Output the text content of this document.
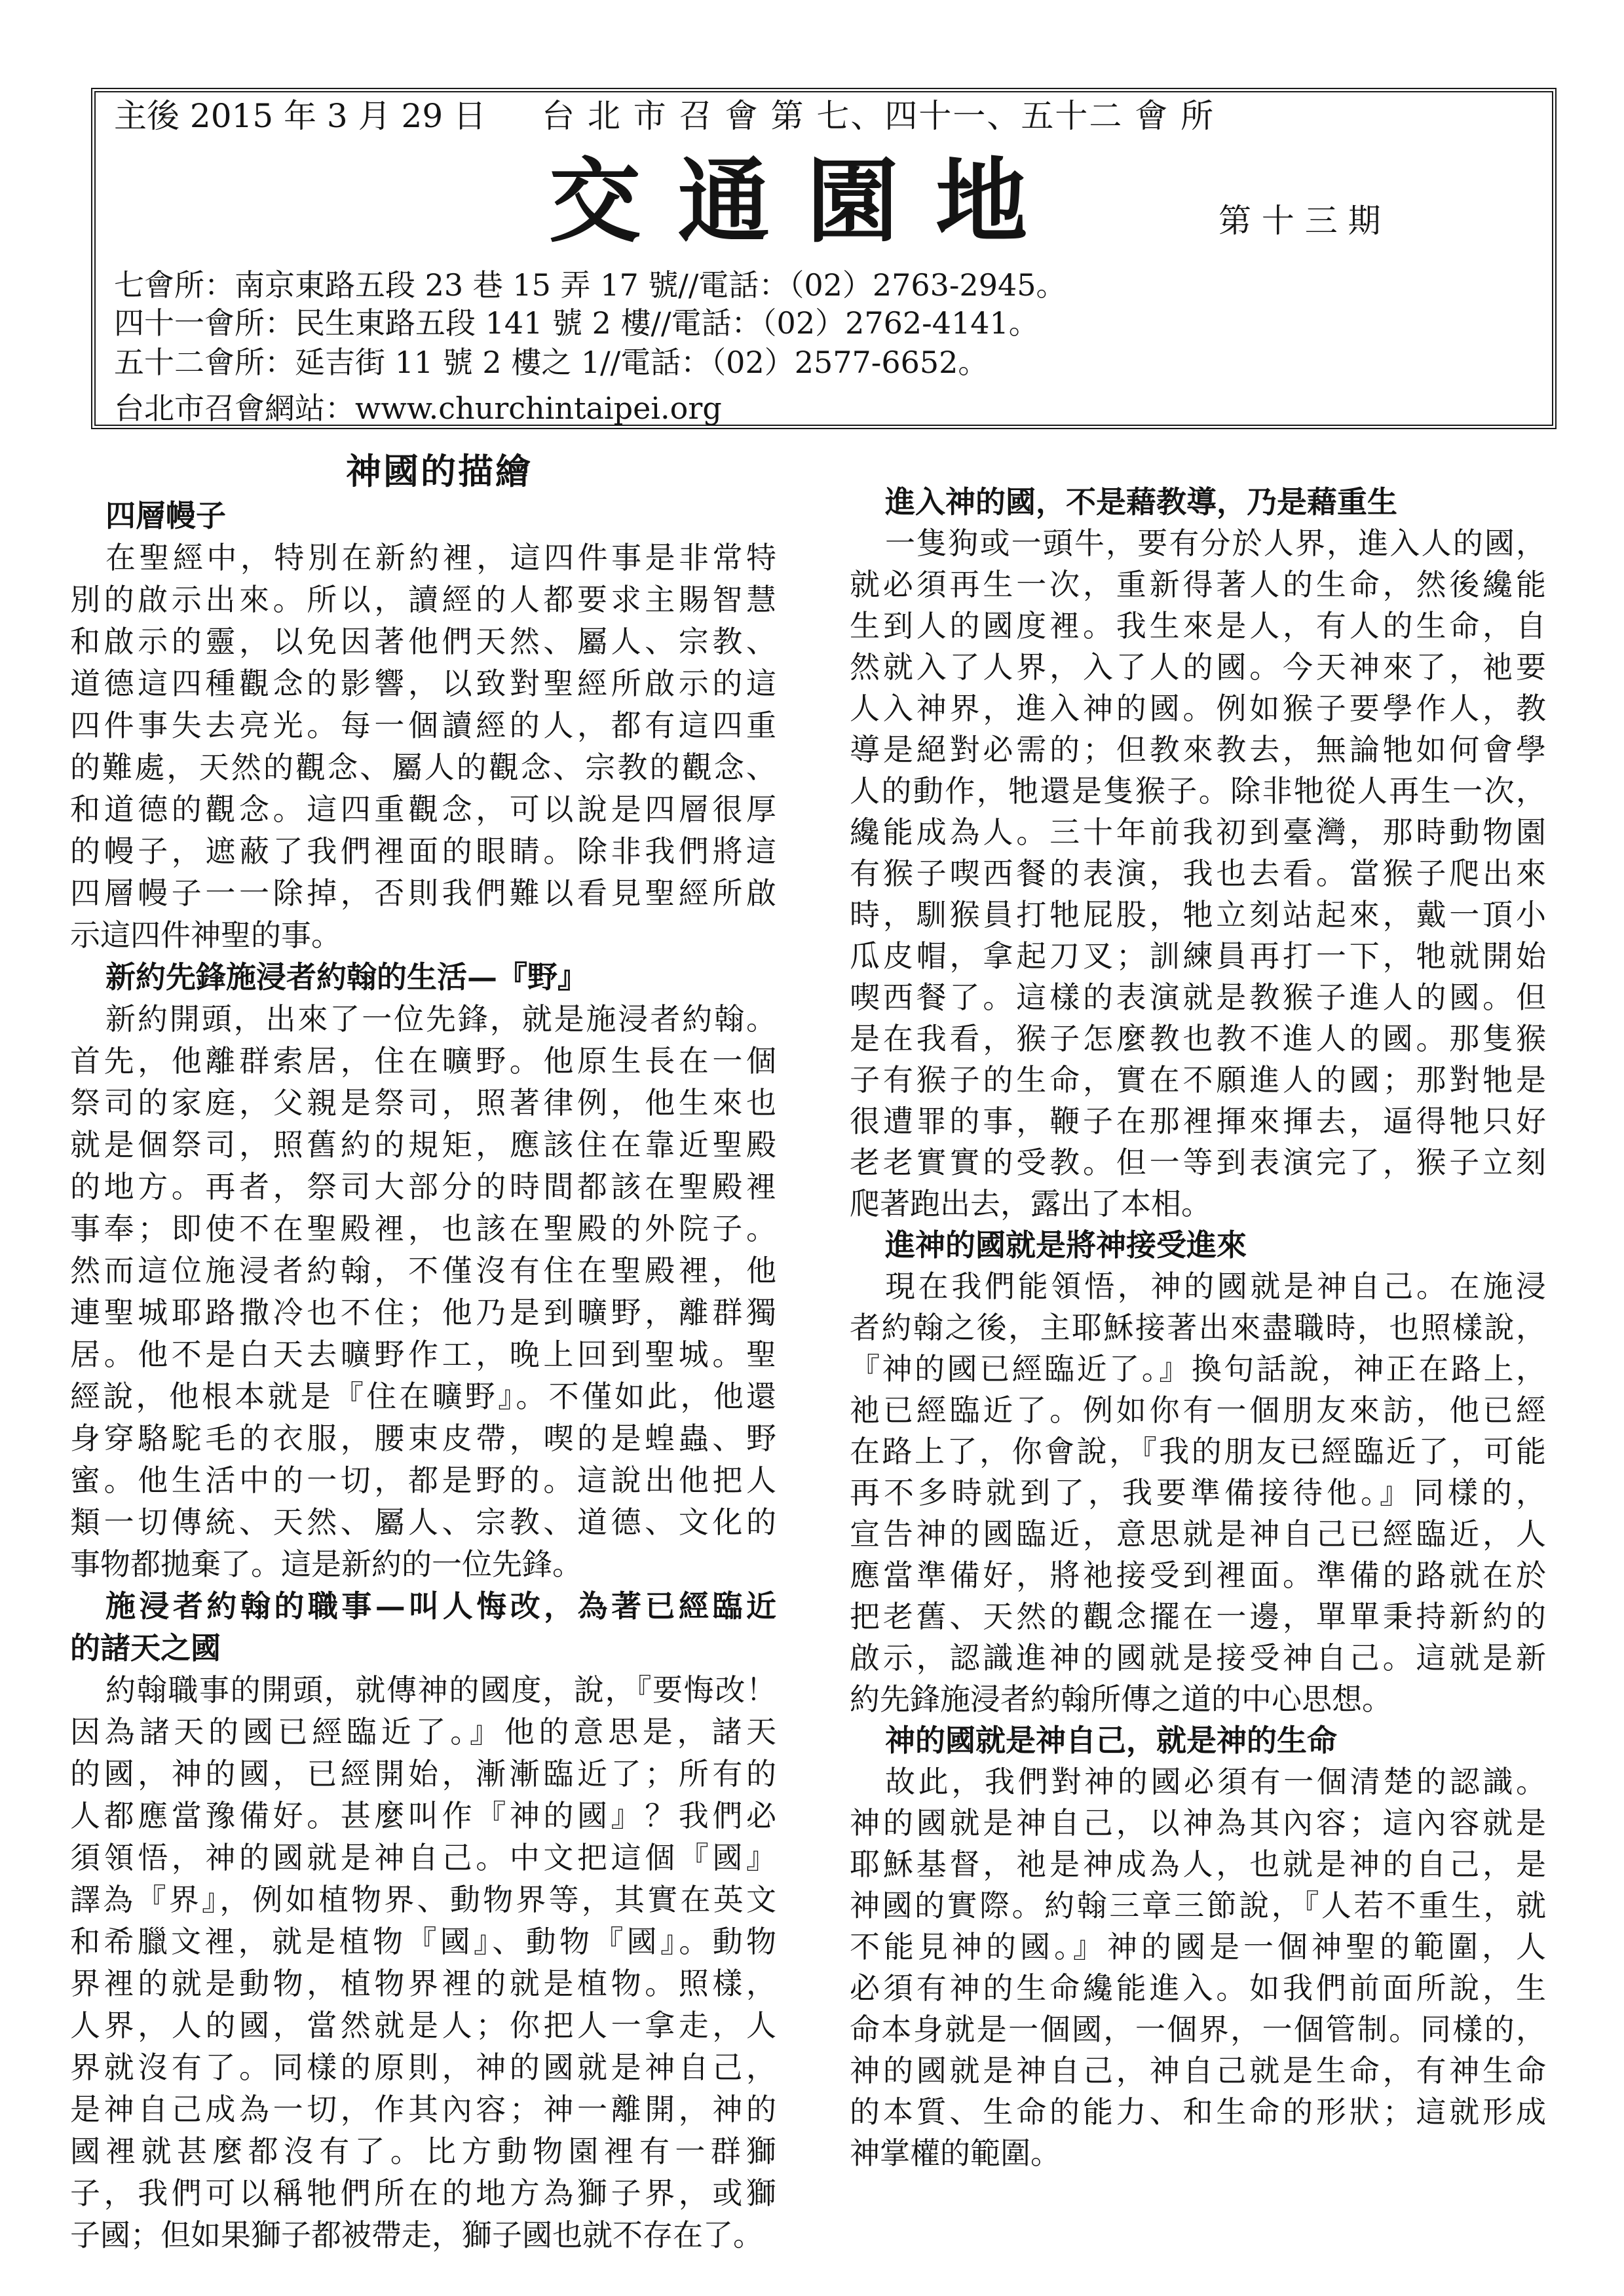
主後 2015 年 3 月 29 日 台 北 市 召 會 第 七、四十一、五十二 會 所
交 通 園 地	第 十 三 期
七會所：南京東路五段 23 巷 15 弄 17 號//電話：（02）2763-2945。
四十一會所：民生東路五段 141 號 2 樓//電話：（02）2762-4141。
五十二會所：延吉街 11 號 2 樓之 1//電話：（02）2577-6652。
台北市召會網站：www.churchintaipei.org
神國的描繪
四層幔子
在聖經中，特別在新約裡，這四件事是非常特
別的啟示出來。所以，讀經的人都要求主賜智慧
和啟示的靈，以免因著他們天然、屬人、宗教、
道德這四種觀念的影響，以致對聖經所啟示的這
四件事失去亮光。每一個讀經的人，都有這四重
的難處，天然的觀念、屬人的觀念、宗教的觀念、
和道德的觀念。這四重觀念，可以說是四層很厚
的幔子，遮蔽了我們裡面的眼睛。除非我們將這
四層幔子一一除掉，否則我們難以看見聖經所啟
示這四件神聖的事。
新約先鋒施浸者約翰的生活—『野』
新約開頭，出來了一位先鋒，就是施浸者約翰。
首先，他離群索居，住在曠野。他原生長在一個
祭司的家庭，父親是祭司，照著律例，他生來也
就是個祭司，照舊約的規矩，應該住在靠近聖殿
的地方。再者，祭司大部分的時間都該在聖殿裡
事奉；即使不在聖殿裡，也該在聖殿的外院子。
然而這位施浸者約翰，不僅沒有住在聖殿裡，他
連聖城耶路撒冷也不住；他乃是到曠野，離群獨
居。他不是白天去曠野作工，晚上回到聖城。聖
經說，他根本就是『住在曠野』。不僅如此，他還
身穿駱駝毛的衣服，腰束皮帶，喫的是蝗蟲、野
蜜。他生活中的一切，都是野的。這說出他把人
類一切傳統、天然、屬人、宗教、道德、文化的
事物都拋棄了。這是新約的一位先鋒。
施浸者約翰的職事—叫人悔改，為著已經臨近
的諸天之國
約翰職事的開頭，就傳神的國度，說，『要悔改！
因為諸天的國已經臨近了。』他的意思是，諸天
的國，神的國，已經開始，漸漸臨近了；所有的
人都應當豫備好。甚麼叫作『神的國』？我們必
須領悟，神的國就是神自己。中文把這個『國』
譯為『界』，例如植物界、動物界等，其實在英文
和希臘文裡，就是植物『國』、動物『國』。動物
界裡的就是動物，植物界裡的就是植物。照樣，
人界，人的國，當然就是人；你把人一拿走，人
界就沒有了。同樣的原則，神的國就是神自己，
是神自己成為一切，作其內容；神一離開，神的
國裡就甚麼都沒有了。比方動物園裡有一群獅
子，我們可以稱牠們所在的地方為獅子界，或獅
子國；但如果獅子都被帶走，獅子國也就不存在了。
進入神的國，不是藉教導，乃是藉重生
一隻狗或一頭牛，要有分於人界，進入人的國，
就必須再生一次，重新得著人的生命，然後纔能
生到人的國度裡。我生來是人，有人的生命，自
然就入了人界，入了人的國。今天神來了，祂要
人入神界，進入神的國。例如猴子要學作人，教
導是絕對必需的；但教來教去，無論牠如何會學
人的動作，牠還是隻猴子。除非牠從人再生一次，
纔能成為人。三十年前我初到臺灣，那時動物園
有猴子喫西餐的表演，我也去看。當猴子爬出來
時，馴猴員打牠屁股，牠立刻站起來，戴一頂小
瓜皮帽，拿起刀叉；訓練員再打一下，牠就開始
喫西餐了。這樣的表演就是教猴子進人的國。但
是在我看，猴子怎麼教也教不進人的國。那隻猴
子有猴子的生命，實在不願進人的國；那對牠是
很遭罪的事，鞭子在那裡揮來揮去，逼得牠只好
老老實實的受教。但一等到表演完了，猴子立刻
爬著跑出去，露出了本相。
進神的國就是將神接受進來
現在我們能領悟，神的國就是神自己。在施浸
者約翰之後，主耶穌接著出來盡職時，也照樣說，
『神的國已經臨近了。』換句話說，神正在路上，
祂已經臨近了。例如你有一個朋友來訪，他已經
在路上了，你會說，『我的朋友已經臨近了，可能
再不多時就到了，我要準備接待他。』同樣的，
宣告神的國臨近，意思就是神自己已經臨近，人
應當準備好，將祂接受到裡面。準備的路就在於
把老舊、天然的觀念擺在一邊，單單秉持新約的
啟示，認識進神的國就是接受神自己。這就是新
約先鋒施浸者約翰所傳之道的中心思想。
神的國就是神自己，就是神的生命
故此，我們對神的國必須有一個清楚的認識。
神的國就是神自己，以神為其內容；這內容就是
耶穌基督，祂是神成為人，也就是神的自己，是
神國的實際。約翰三章三節說，『人若不重生，就
不能見神的國。』神的國是一個神聖的範圍，人
必須有神的生命纔能進入。如我們前面所說，生
命本身就是一個國，一個界，一個管制。同樣的，
神的國就是神自己，神自己就是生命，有神生命
的本質、生命的能力、和生命的形狀；這就形成
神掌權的範圍。
